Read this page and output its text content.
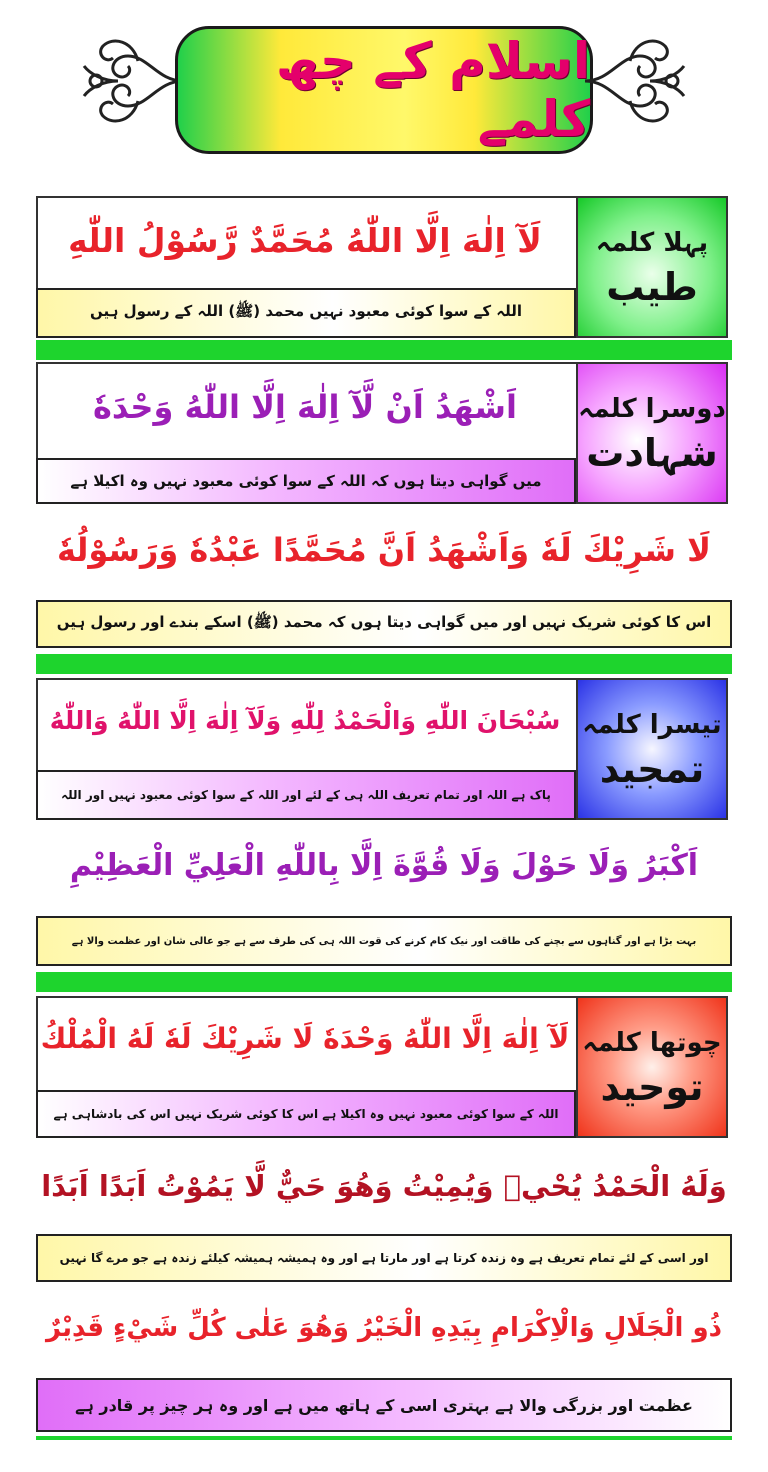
اسلام کے چھ کلمے
لَآ اِلٰهَ اِلَّا اللّٰهُ مُحَمَّدٌ رَّسُوْلُ اللّٰهِ
اللہ کے سوا کوئی معبود نہیں محمد (ﷺ) اللہ کے رسول ہیں
پہلا کلمہ
طیب
اَشْهَدُ اَنْ لَّآ اِلٰهَ اِلَّا اللّٰهُ وَحْدَهٗ
میں گواہی دیتا ہوں کہ اللہ کے سوا کوئی معبود نہیں وہ اکیلا ہے
دوسرا کلمہ
شہادت
لَا شَرِيْكَ لَهٗ وَاَشْهَدُ اَنَّ مُحَمَّدًا عَبْدُهٗ وَرَسُوْلُهٗ
اس کا کوئی شریک نہیں اور میں گواہی دیتا ہوں کہ محمد (ﷺ) اسکے بندے اور رسول ہیں
سُبْحَانَ اللّٰهِ وَالْحَمْدُ لِلّٰهِ وَلَآ اِلٰهَ اِلَّا اللّٰهُ وَاللّٰهُ
پاک ہے اللہ اور تمام تعریف اللہ ہی کے لئے اور اللہ کے سوا کوئی معبود نہیں اور اللہ
تیسرا کلمہ
تمجید
اَكْبَرُ وَلَا حَوْلَ وَلَا قُوَّةَ اِلَّا بِاللّٰهِ الْعَلِيِّ الْعَظِيْمِ
بہت بڑا ہے اور گناہوں سے بچنے کی طاقت اور نیک کام کرنے کی قوت اللہ ہی کی طرف سے ہے جو عالی شان اور عظمت والا ہے
لَآ اِلٰهَ اِلَّا اللّٰهُ وَحْدَهٗ لَا شَرِيْكَ لَهٗ لَهُ الْمُلْكُ
اللہ کے سوا کوئی معبود نہیں وہ اکیلا ہے اس کا کوئی شریک نہیں اس کی بادشاہی ہے
چوتھا کلمہ
توحید
وَلَهُ الْحَمْدُ يُحْيٖ وَيُمِيْتُ وَهُوَ حَيٌّ لَّا يَمُوْتُ اَبَدًا اَبَدًا
اور اسی کے لئے تمام تعریف ہے وہ زندہ کرتا ہے اور مارتا ہے اور وہ ہمیشہ ہمیشہ کیلئے زندہ ہے جو مرے گا نہیں
ذُو الْجَلَالِ وَالْاِكْرَامِ بِيَدِهِ الْخَيْرُ وَهُوَ عَلٰى كُلِّ شَيْءٍ قَدِيْرٌ
عظمت اور بزرگی والا ہے بہتری اسی کے ہاتھ میں ہے اور وہ ہر چیز پر قادر ہے
